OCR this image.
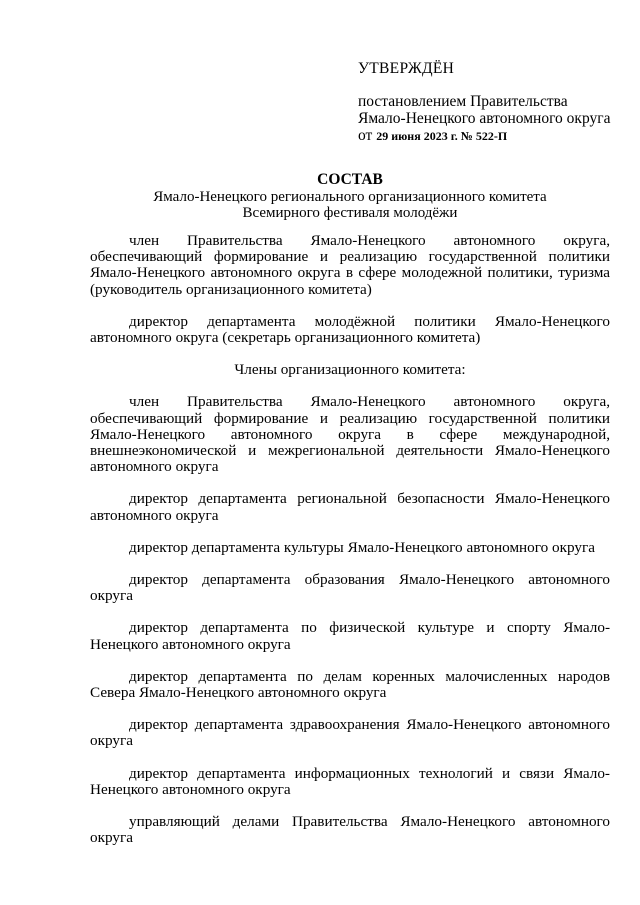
УТВЕРЖДЁН

постановлением Правительства

Ямало-Ненецкого автономного округа

от 29 июня 2023 г. № 522-П

СОСТАВ
Ямало-Ненецкого регионального организационного комитета
Всемирного фестиваля молодёжи

член Правительства Ямало-Ненецкого автономного округа, обеспечивающий формирование и реализацию государственной политики Ямало-Ненецкого автономного округа в сфере молодежной политики, туризма (руководитель организационного комитета)

директор департамента молодёжной политики Ямало-Ненецкого автономного округа (секретарь организационного комитета)

Члены организационного комитета:

член Правительства Ямало-Ненецкого автономного округа, обеспечивающий формирование и реализацию государственной политики Ямало-Ненецкого автономного округа в сфере международной, внешнеэкономической и межрегиональной деятельности Ямало-Ненецкого автономного округа

директор департамента региональной безопасности Ямало-Ненецкого автономного округа

директор департамента культуры Ямало-Ненецкого автономного округа

директор департамента образования Ямало-Ненецкого автономного округа

директор департамента по физической культуре и спорту Ямало-Ненецкого автономного округа

директор департамента по делам коренных малочисленных народов Севера Ямало-Ненецкого автономного округа

директор департамента здравоохранения Ямало-Ненецкого автономного округа

директор департамента информационных технологий и связи Ямало-Ненецкого автономного округа

управляющий делами Правительства Ямало-Ненецкого автономного округа
